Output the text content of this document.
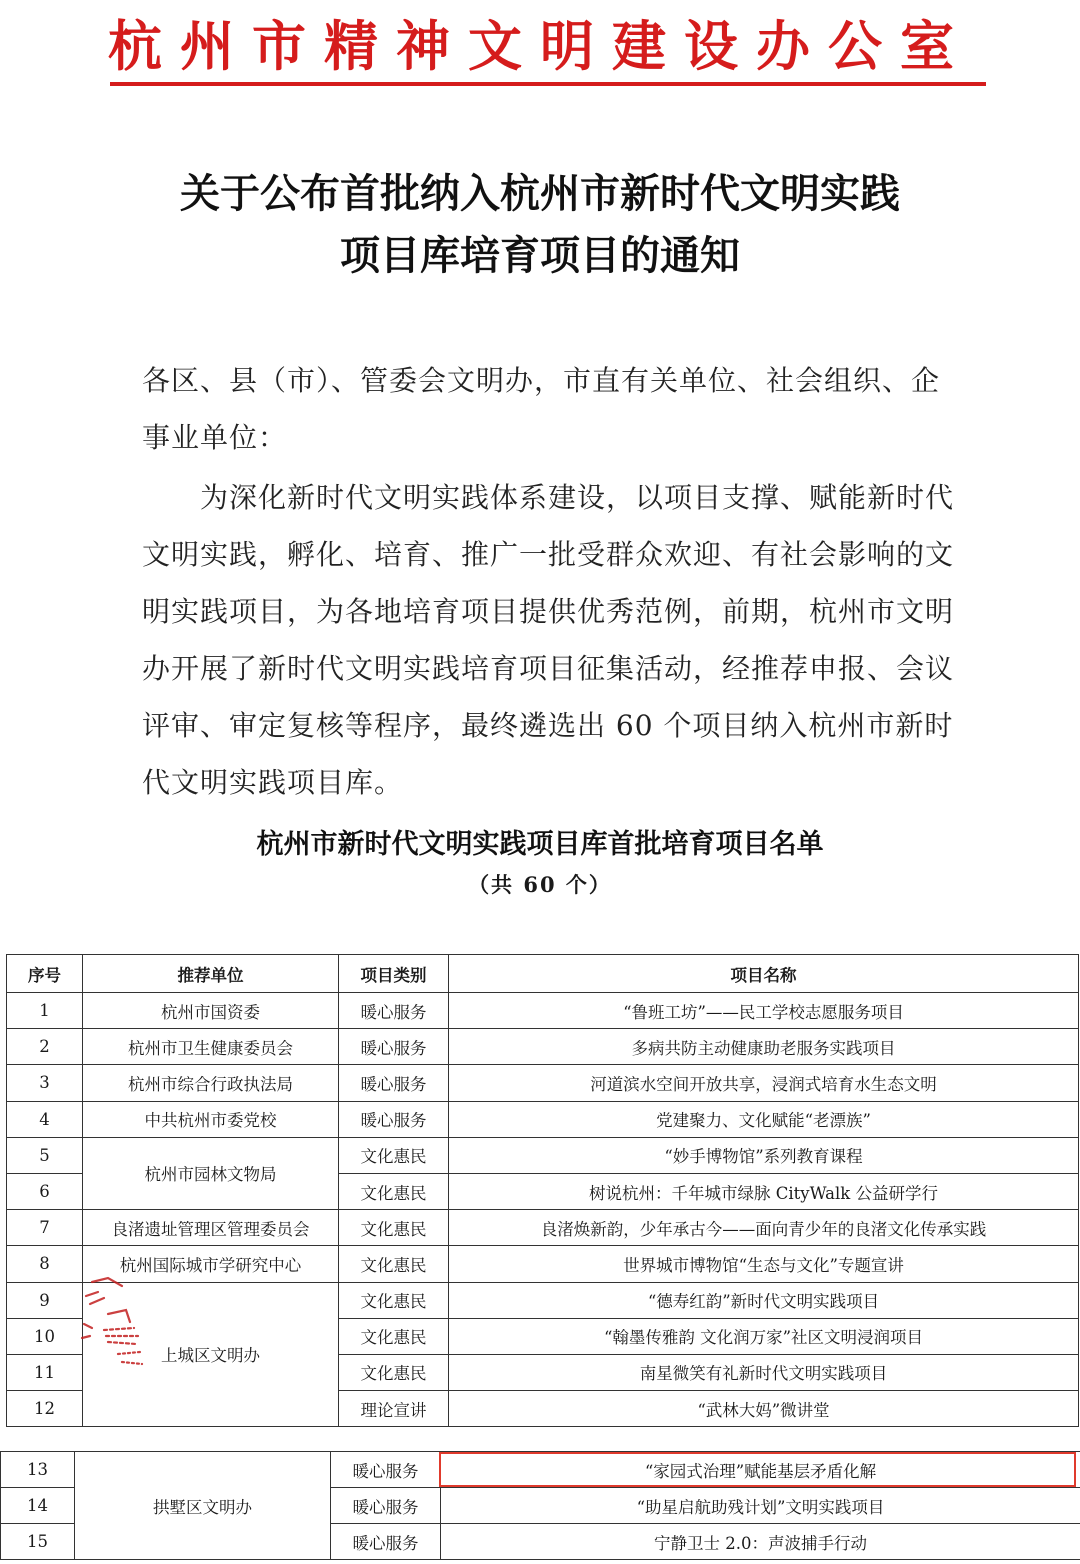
杭州市精神文明建设办公室
关于公布首批纳入杭州市新时代文明实践
项目库培育项目的通知
各区、县（市）、管委会文明办，市直有关单位、社会组织、企事业单位：
为深化新时代文明实践体系建设，以项目支撑、赋能新时代文明实践，孵化、培育、推广一批受群众欢迎、有社会影响的文明实践项目，为各地培育项目提供优秀范例，前期，杭州市文明办开展了新时代文明实践培育项目征集活动，经推荐申报、会议评审、审定复核等程序，最终遴选出 60 个项目纳入杭州市新时代文明实践项目库。
杭州市新时代文明实践项目库首批培育项目名单
（共 60 个）
序号	推荐单位	项目类别	项目名称
1	杭州市国资委	暖心服务	“鲁班工坊”——民工学校志愿服务项目
2	杭州市卫生健康委员会	暖心服务	多病共防主动健康助老服务实践项目
3	杭州市综合行政执法局	暖心服务	河道滨水空间开放共享，浸润式培育水生态文明
4	中共杭州市委党校	暖心服务	党建聚力、文化赋能“老漂族”
5	杭州市园林文物局	文化惠民	“妙手博物馆”系列教育课程
6		文化惠民	树说杭州：千年城市绿脉 CityWalk 公益研学行
7	良渚遗址管理区管理委员会	文化惠民	良渚焕新韵，少年承古今——面向青少年的良渚文化传承实践
8	杭州国际城市学研究中心	文化惠民	世界城市博物馆“生态与文化”专题宣讲
9	上城区文明办	文化惠民	“德寿红韵”新时代文明实践项目
10		文化惠民	“翰墨传雅韵 文化润万家”社区文明浸润项目
11		文化惠民	南星微笑有礼新时代文明实践项目
12		理论宣讲	“武林大妈”微讲堂
13	拱墅区文明办	暖心服务	“家园式治理”赋能基层矛盾化解
14		暖心服务	“助星启航助残计划”文明实践项目
15		暖心服务	宁静卫士 2.0：声波捕手行动
